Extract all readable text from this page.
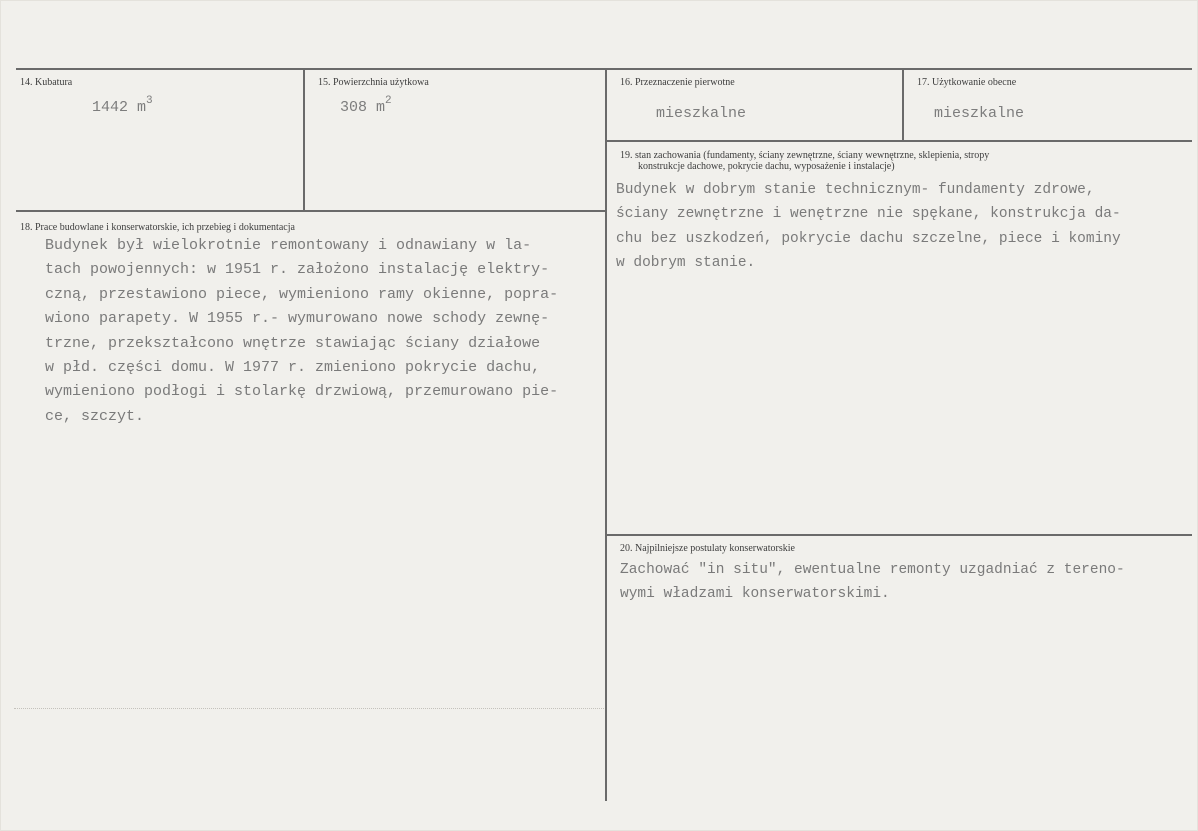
14. Kubatura
1442 $m^3$
15. Powierzchnia użytkowa
308 $m^2$
16. Przeznaczenie pierwotne
mieszkalne
17. Użytkowanie obecne
mieszkalne
18. Prace budowlane i konserwatorskie, ich przebieg i dokumentacja
Budynek był wielokrotnie remontowany i odnawiany w la-
tach powojennych: w 1951 r. założono instalację elektry-
czną, przestawiono piece, wymieniono ramy okienne, popra-
wiono parapety. W 1955 r.- wymurowano nowe schody zewnę-
trzne, przekształcono wnętrze stawiając ściany działowe
w płd. części domu. W 1977 r. zmieniono pokrycie dachu,
wymieniono podłogi i stolarkę drzwiową, przemurowano pie-
ce, szczyt.
19. stan zachowania (fundamenty, ściany zewnętrzne, ściany wewnętrzne, sklepienia, stropy
konstrukcje dachowe, pokrycie dachu, wyposażenie i instalacje)
Budynek w dobrym stanie technicznym- fundamenty zdrowe,
ściany zewnętrzne i wenętrzne nie spękane, konstrukcja da-
chu bez uszkodzeń, pokrycie dachu szczelne, piece i kominy
w dobrym stanie.
20. Najpilniejsze postulaty konserwatorskie
Zachować "in situ", ewentualne remonty uzgadniać z tereno-
wymi władzami konserwatorskimi.
